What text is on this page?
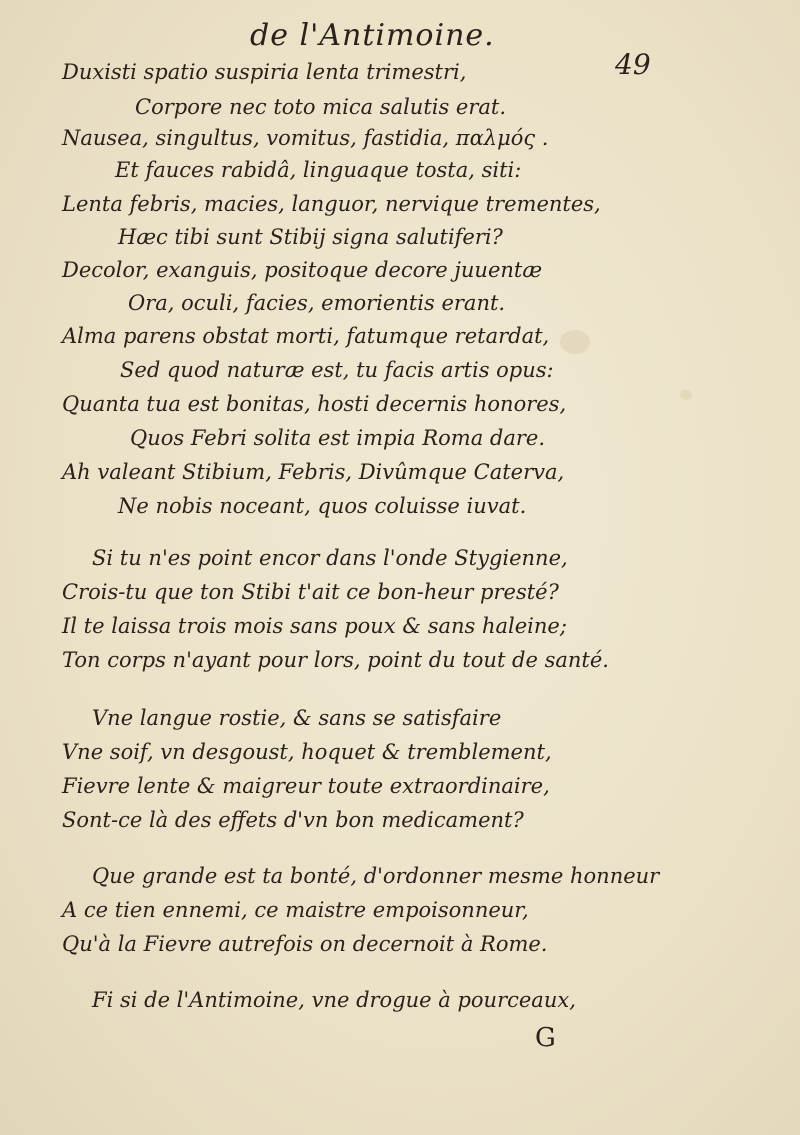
de l'Antimoine.
49
Duxisti spatio suspiria lenta trimestri,
Corpore nec toto mica salutis erat.
Nausea, singultus, vomitus, fastidia, παλμός .
Et fauces rabidâ, linguaque tosta, siti:
Lenta febris, macies, languor, nervique trementes,
Hæc tibi sunt Stibij signa salutiferi?
Decolor, exanguis, positoque decore juuentæ
Ora, oculi, facies, emorientis erant.
Alma parens obstat morti, fatumque retardat,
Sed quod naturæ est, tu facis artis opus:
Quanta tua est bonitas, hosti decernis honores,
Quos Febri solita est impia Roma dare.
Ah valeant Stibium, Febris, Divûmque Caterva,
Ne nobis noceant, quos coluisse iuvat.
Si tu n'es point encor dans l'onde Stygienne,
Crois-tu que ton Stibi t'ait ce bon-heur presté?
Il te laissa trois mois sans poux & sans haleine;
Ton corps n'ayant pour lors, point du tout de santé.
Vne langue rostie, & sans se satisfaire
Vne soif, vn desgoust, hoquet & tremblement,
Fievre lente & maigreur toute extraordinaire,
Sont-ce là des effets d'vn bon medicament?
Que grande est ta bonté, d'ordonner mesme honneur
A ce tien ennemi, ce maistre empoisonneur,
Qu'à la Fievre autrefois on decernoit à Rome.
Fi si de l'Antimoine, vne drogue à pourceaux,
G
